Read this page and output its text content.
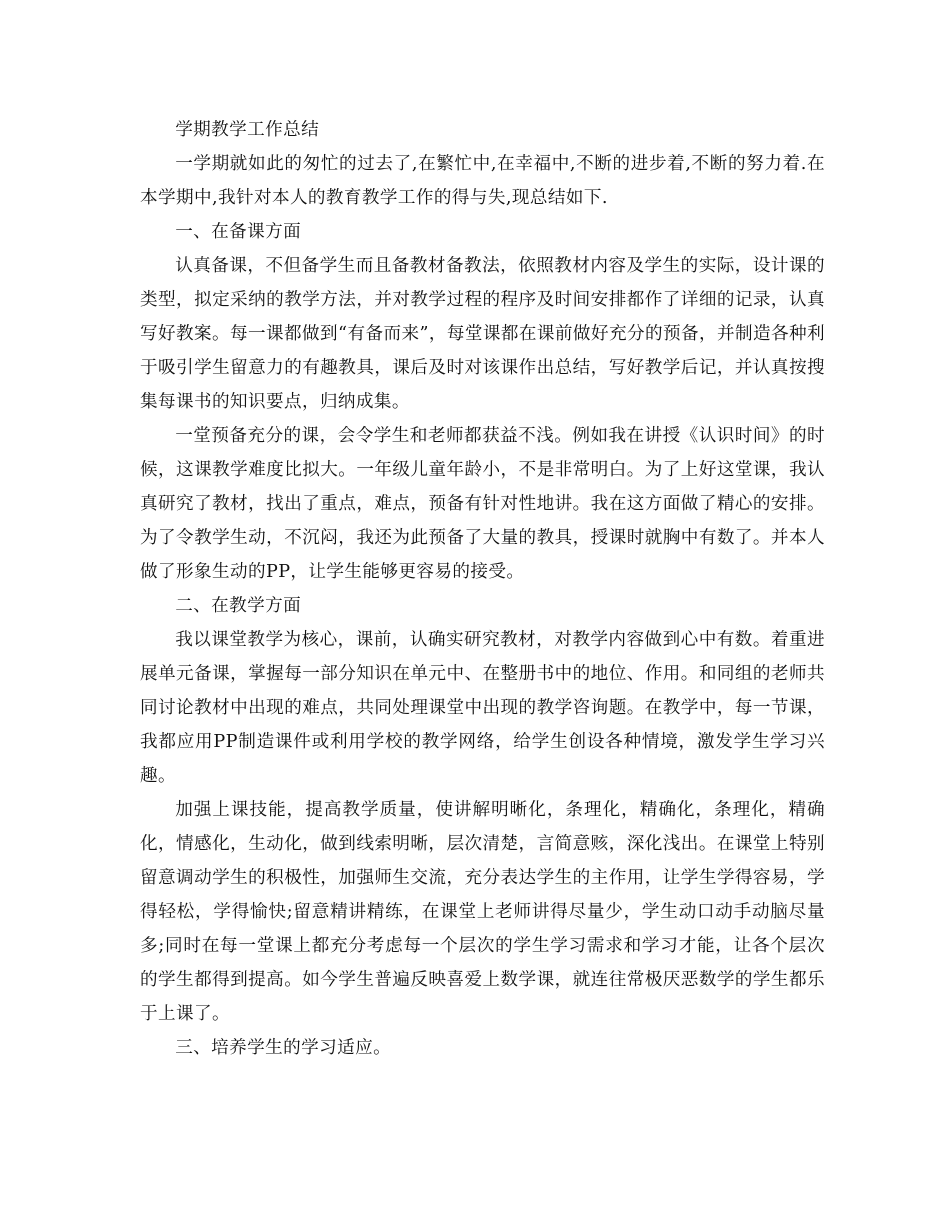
学期教学工作总结

一学期就如此的匆忙的过去了,在繁忙中,在幸福中,不断的进步着,不断的努力着.在本学期中,我针对本人的教育教学工作的得与失,现总结如下.

一、在备课方面

认真备课，不但备学生而且备教材备教法，依照教材内容及学生的实际，设计课的类型，拟定采纳的教学方法，并对教学过程的程序及时间安排都作了详细的记录，认真写好教案。每一课都做到“有备而来”，每堂课都在课前做好充分的预备，并制造各种利于吸引学生留意力的有趣教具，课后及时对该课作出总结，写好教学后记，并认真按搜集每课书的知识要点，归纳成集。

一堂预备充分的课，会令学生和老师都获益不浅。例如我在讲授《认识时间》的时候，这课教学难度比拟大。一年级儿童年龄小，不是非常明白。为了上好这堂课，我认真研究了教材，找出了重点，难点，预备有针对性地讲。我在这方面做了精心的安排。为了令教学生动，不沉闷，我还为此预备了大量的教具，授课时就胸中有数了。并本人做了形象生动的PP，让学生能够更容易的接受。

二、在教学方面

我以课堂教学为核心，课前，认确实研究教材，对教学内容做到心中有数。着重进展单元备课，掌握每一部分知识在单元中、在整册书中的地位、作用。和同组的老师共同讨论教材中出现的难点，共同处理课堂中出现的教学咨询题。在教学中，每一节课，我都应用PP制造课件或利用学校的教学网络，给学生创设各种情境，激发学生学习兴趣。

加强上课技能，提高教学质量，使讲解明晰化，条理化，精确化，条理化，精确化，情感化，生动化，做到线索明晰，层次清楚，言简意赅，深化浅出。在课堂上特别留意调动学生的积极性，加强师生交流，充分表达学生的主作用，让学生学得容易，学得轻松，学得愉快;留意精讲精练，在课堂上老师讲得尽量少，学生动口动手动脑尽量多;同时在每一堂课上都充分考虑每一个层次的学生学习需求和学习才能，让各个层次的学生都得到提高。如今学生普遍反映喜爱上数学课，就连往常极厌恶数学的学生都乐于上课了。

三、培养学生的学习适应。
